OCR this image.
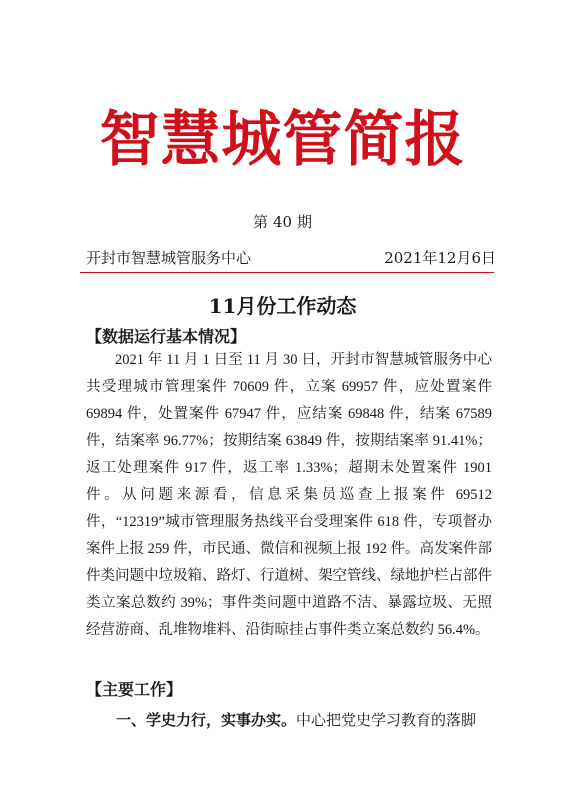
智慧城管简报
第 40 期
开封市智慧城管服务中心	2021年12月6日
11月份工作动态
【数据运行基本情况】
2021 年 11 月 1 日至 11 月 30 日，开封市智慧城管服务中心共受理城市管理案件 70609 件，立案 69957 件，应处置案件 69894 件，处置案件 67947 件，应结案 69848 件，结案 67589 件，结案率 96.77%；按期结案 63849 件，按期结案率 91.41%；返工处理案件 917 件，返工率 1.33%；超期未处置案件 1901 件。从问题来源看，信息采集员巡查上报案件 69512 件，“12319”城市管理服务热线平台受理案件 618 件，专项督办案件上报 259 件，市民通、微信和视频上报 192 件。高发案件部件类问题中垃圾箱、路灯、行道树、架空管线、绿地护栏占部件类立案总数约 39%；事件类问题中道路不洁、暴露垃圾、无照经营游商、乱堆物堆料、沿街晾挂占事件类立案总数约 56.4%。
【主要工作】
一、学史力行，实事办实。中心把党史学习教育的落脚
